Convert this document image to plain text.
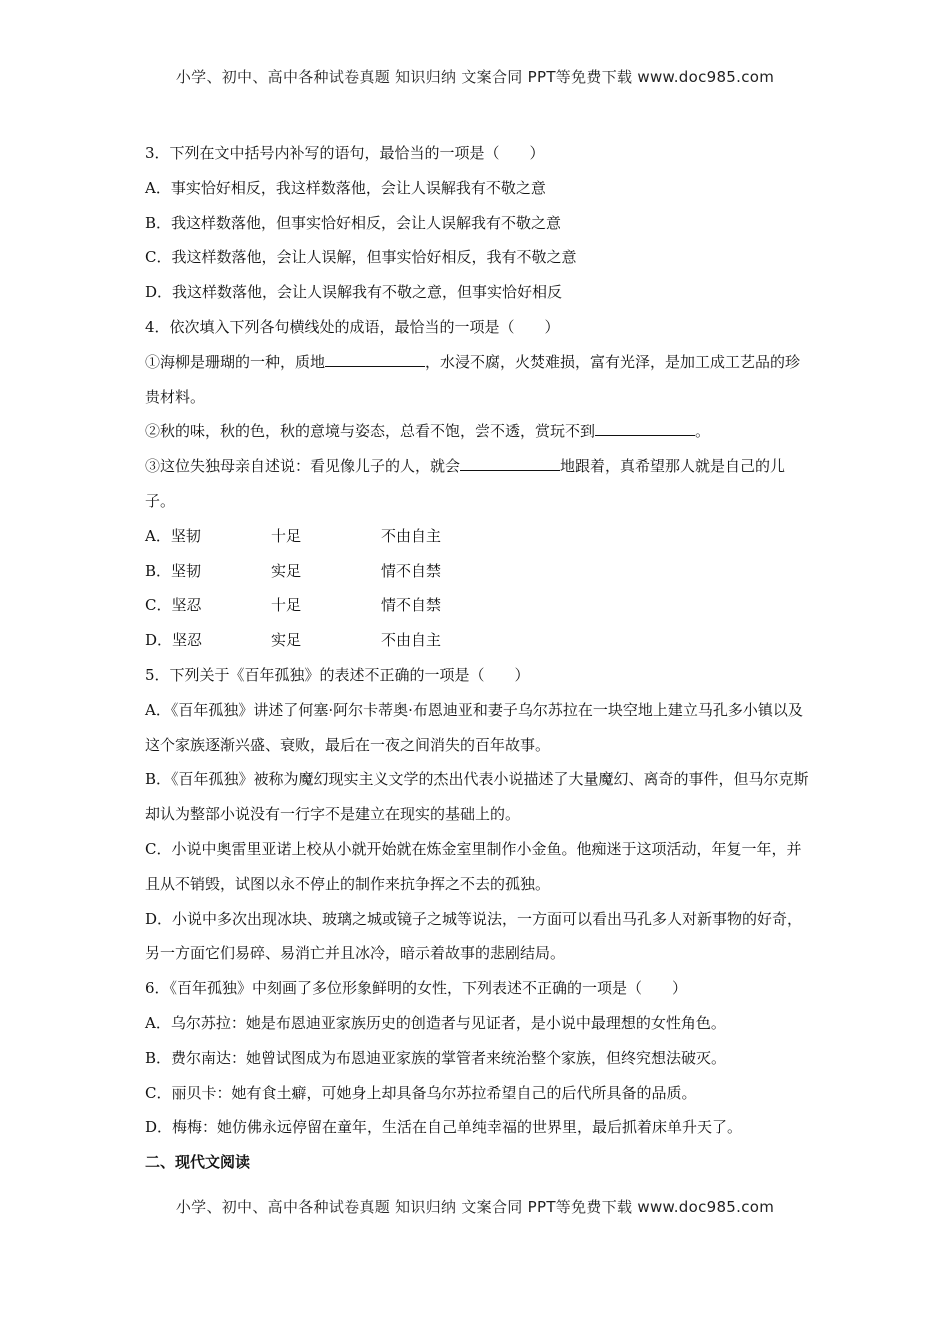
小学、初中、高中各种试卷真题 知识归纳 文案合同 PPT等免费下载 www.doc985.com
3．下列在文中括号内补写的语句，最恰当的一项是（　　）
A．事实恰好相反，我这样数落他，会让人误解我有不敬之意
B．我这样数落他，但事实恰好相反，会让人误解我有不敬之意
C．我这样数落他，会让人误解，但事实恰好相反，我有不敬之意
D．我这样数落他，会让人误解我有不敬之意，但事实恰好相反
4．依次填入下列各句横线处的成语，最恰当的一项是（　　）
①海柳是珊瑚的一种，质地	，水浸不腐，火焚难损，富有光泽，是加工成工艺品的珍贵材料。
②秋的味，秋的色，秋的意境与姿态，总看不饱，尝不透，赏玩不到	。
③这位失独母亲自述说：看见像儿子的人，就会	地跟着，真希望那人就是自己的儿子。
A．坚韧	十足	不由自主
B．坚韧	实足	情不自禁
C．坚忍	十足	情不自禁
D．坚忍	实足	不由自主
5．下列关于《百年孤独》的表述不正确的一项是（　　）
A．《百年孤独》讲述了何塞·阿尔卡蒂奥·布恩迪亚和妻子乌尔苏拉在一块空地上建立马孔多小镇以及这个家族逐渐兴盛、衰败，最后在一夜之间消失的百年故事。
B．《百年孤独》被称为魔幻现实主义文学的杰出代表小说描述了大量魔幻、离奇的事件，但马尔克斯却认为整部小说没有一行字不是建立在现实的基础上的。
C．小说中奥雷里亚诺上校从小就开始就在炼金室里制作小金鱼。他痴迷于这项活动，年复一年，并且从不销毁，试图以永不停止的制作来抗争挥之不去的孤独。
D．小说中多次出现冰块、玻璃之城或镜子之城等说法，一方面可以看出马孔多人对新事物的好奇，另一方面它们易碎、易消亡并且冰冷，暗示着故事的悲剧结局。
6．《百年孤独》中刻画了多位形象鲜明的女性，下列表述不正确的一项是（　　）
A．乌尔苏拉：她是布恩迪亚家族历史的创造者与见证者，是小说中最理想的女性角色。
B．费尔南达：她曾试图成为布恩迪亚家族的掌管者来统治整个家族，但终究想法破灭。
C．丽贝卡：她有食土癖，可她身上却具备乌尔苏拉希望自己的后代所具备的品质。
D．梅梅：她仿佛永远停留在童年，生活在自己单纯幸福的世界里，最后抓着床单升天了。
二、现代文阅读
小学、初中、高中各种试卷真题 知识归纳 文案合同 PPT等免费下载 www.doc985.com
